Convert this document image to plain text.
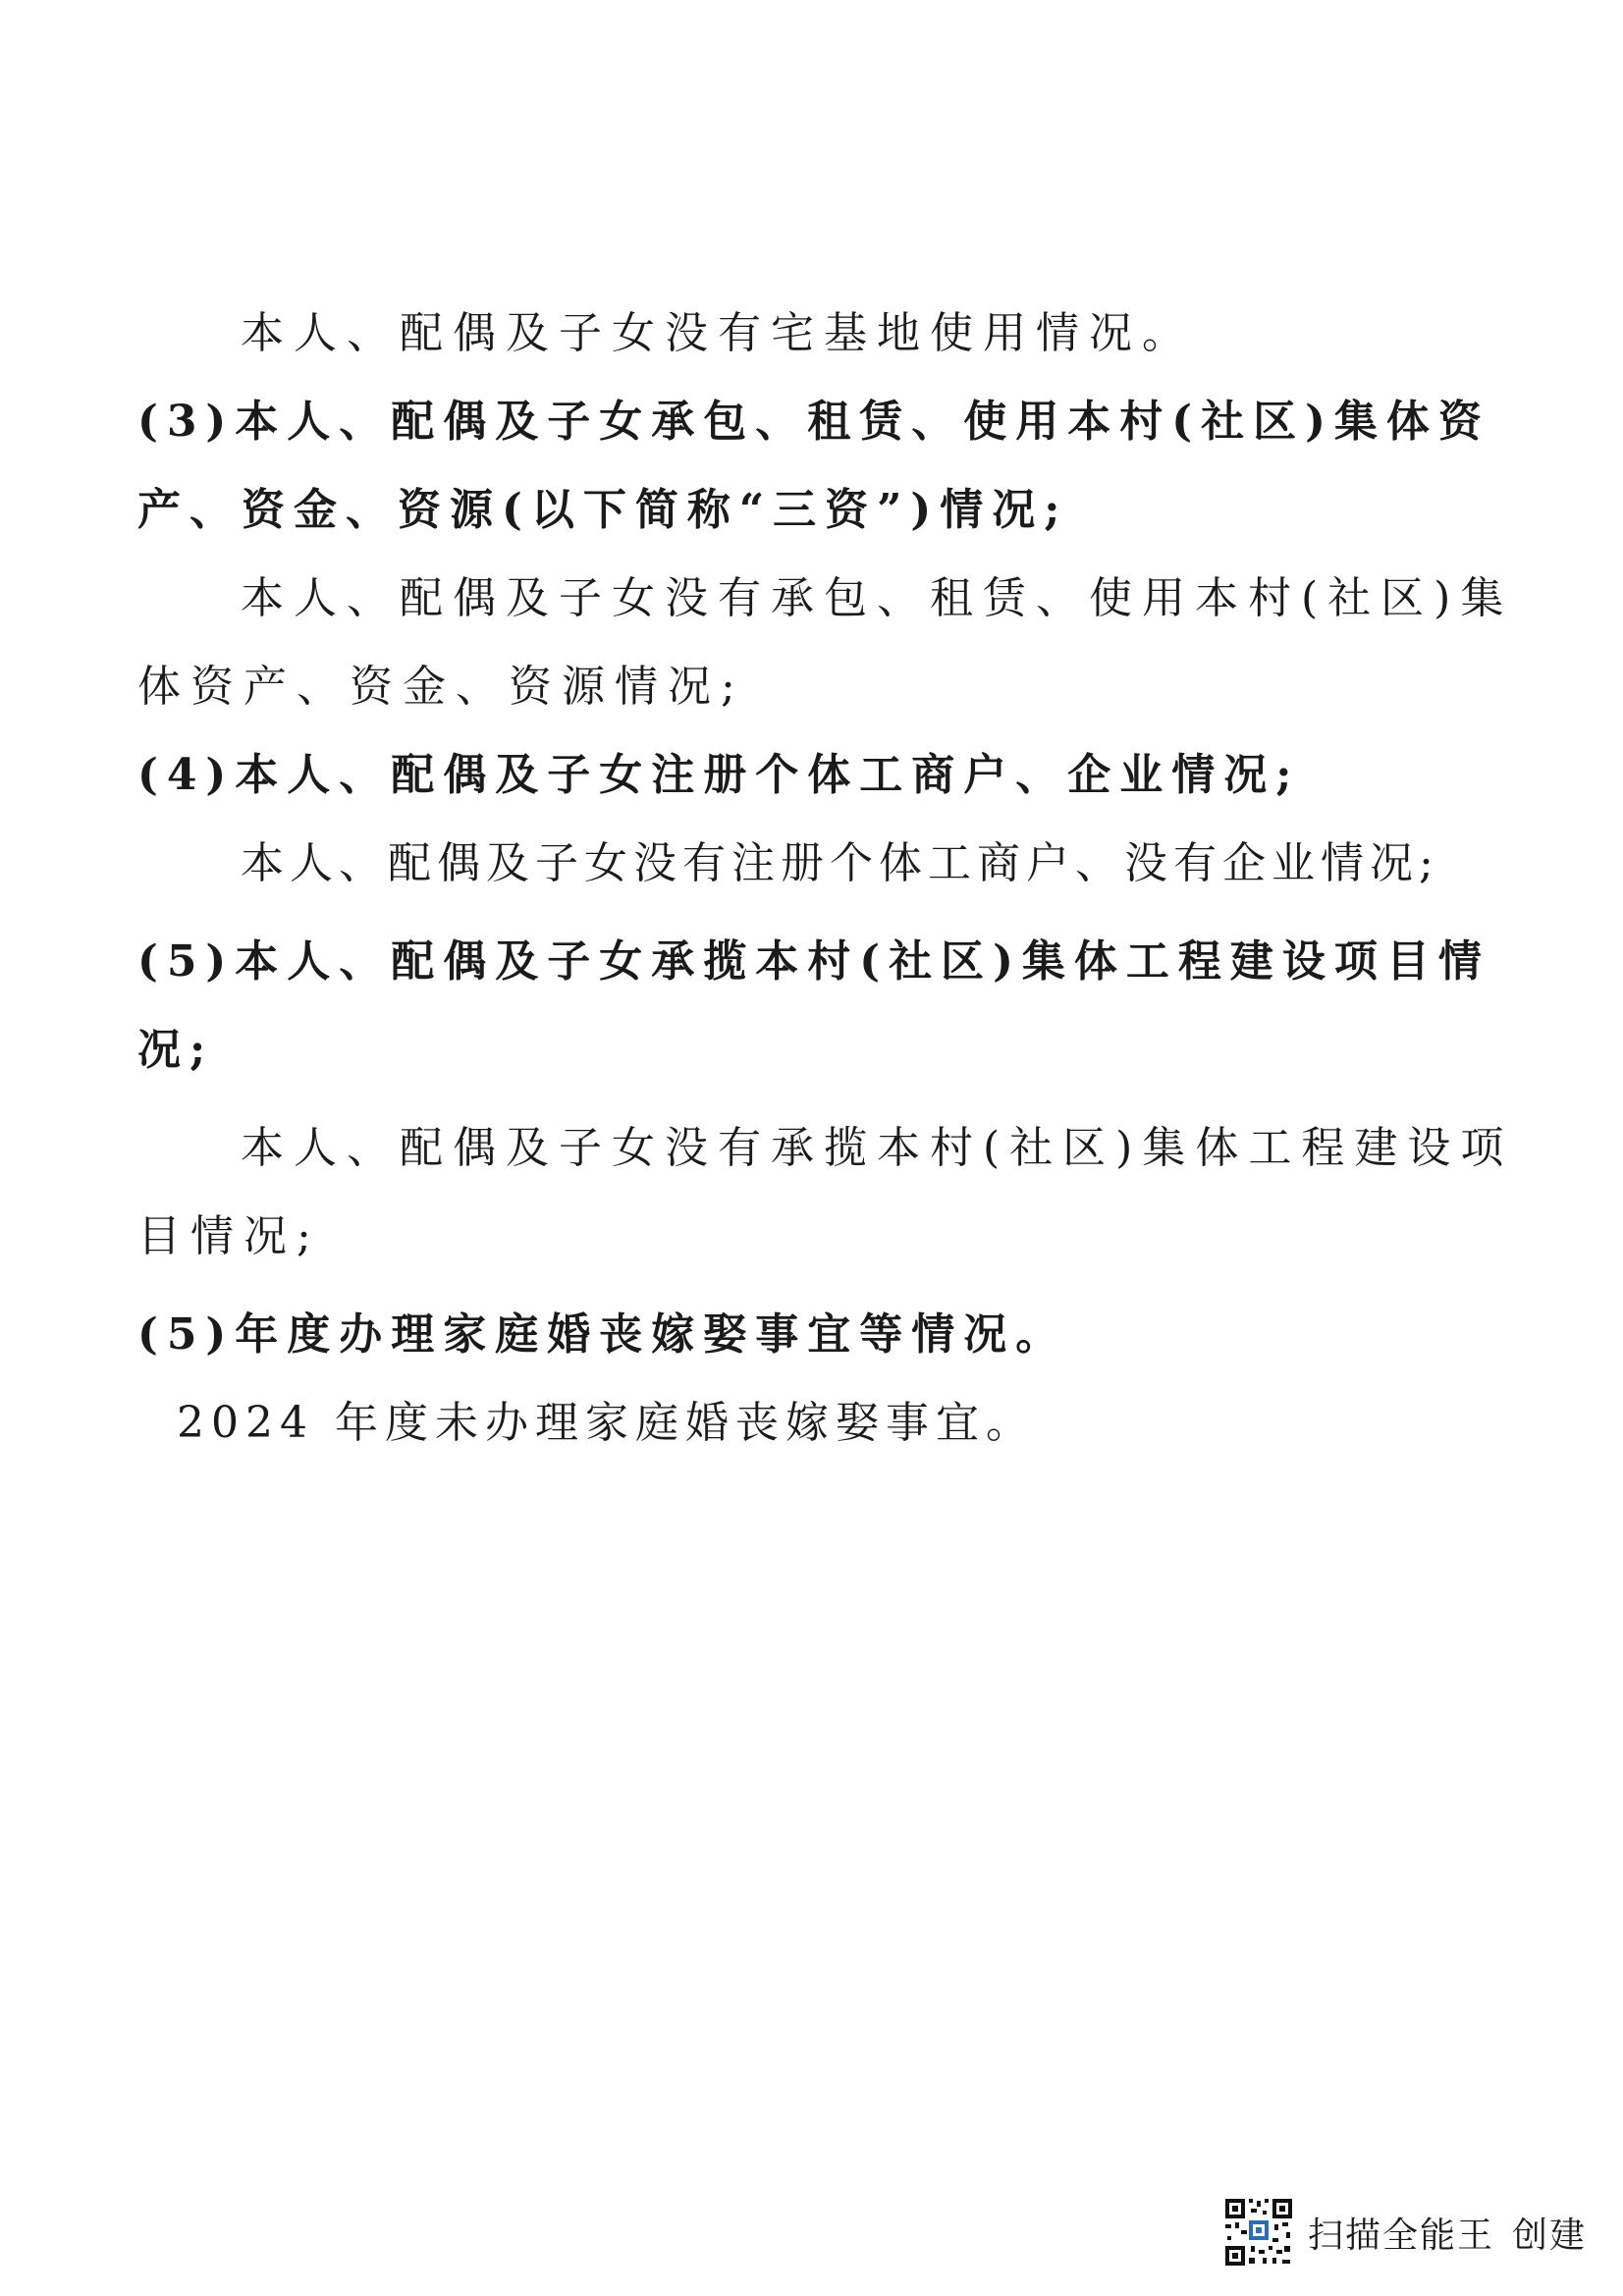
本人、配偶及子女没有宅基地使用情况。
(3)本人、配偶及子女承包、租赁、使用本村(社区)集体资
产、资金、资源(以下简称“三资”)情况;
本人、配偶及子女没有承包、租赁、使用本村(社区)集
体资产、资金、资源情况;
(4)本人、配偶及子女注册个体工商户、企业情况;
本人、配偶及子女没有注册个体工商户、没有企业情况;
(5)本人、配偶及子女承揽本村(社区)集体工程建设项目情
况;
本人、配偶及子女没有承揽本村(社区)集体工程建设项
目情况;
(5)年度办理家庭婚丧嫁娶事宜等情况。
2024 年度未办理家庭婚丧嫁娶事宜。
扫描全能王 创建
